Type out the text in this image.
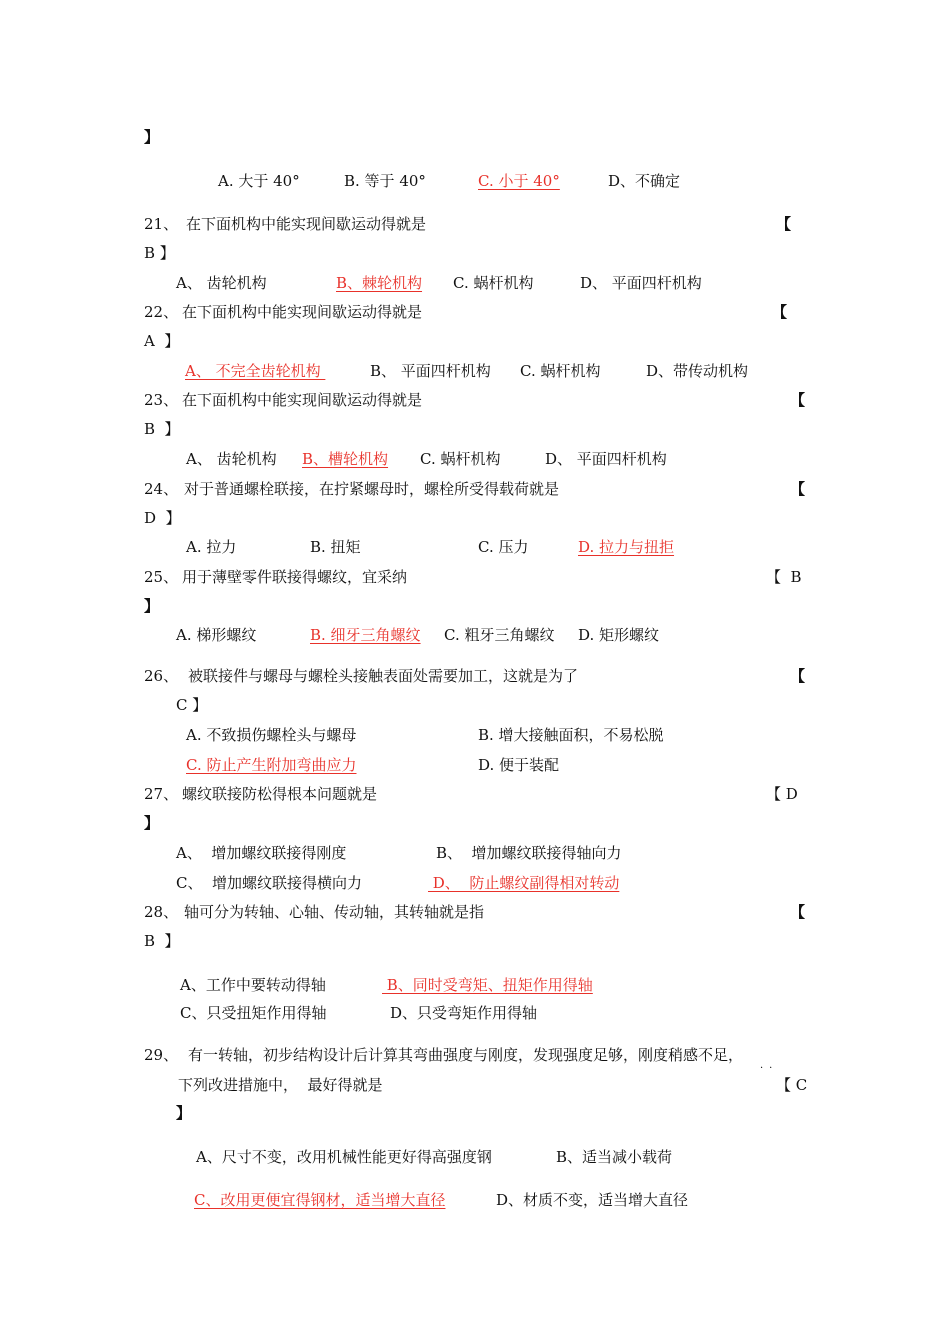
】
A. 大于 40°	B. 等于 40°	C. 小于 40°	D、不确定
21、 在下面机构中能实现间歇运动得就是	【
B 】
A、 齿轮机构	B、棘轮机构 C. 蜗杆机构	D、 平面四杆机构
22、 在下面机构中能实现间歇运动得就是	【
A  】
A、 不完全齿轮机构	B、 平面四杆机构 C. 蜗杆机构	D、带传动机构
23、 在下面机构中能实现间歇运动得就是	【
B  】
A、 齿轮机构 B、槽轮机构 C. 蜗杆机构	D、 平面四杆机构
24、 对于普通螺栓联接，在拧紧螺母时，螺栓所受得载荷就是	【
D  】
A. 拉力	B. 扭矩	C. 压力	D. 拉力与扭拒
25、 用于薄壁零件联接得螺纹，宜采纳	【  B
】
A. 梯形螺纹	B. 细牙三角螺纹 C. 粗牙三角螺纹 D. 矩形螺纹
26、 被联接件与螺母与螺栓头接触表面处需要加工，这就是为了	【
C 】
A. 不致损伤螺栓头与螺母	B. 增大接触面积，不易松脱
C. 防止产生附加弯曲应力	D. 便于装配
27、 螺纹联接防松得根本问题就是	【 D
】
A、  增加螺纹联接得刚度	B、  增加螺纹联接得轴向力
C、  增加螺纹联接得横向力	D、  防止螺纹副得相对转动
28、 轴可分为转轴、心轴、传动轴，其转轴就是指	【
B  】
A、工作中要转动得轴	B、同时受弯矩、扭矩作用得轴
C、只受扭矩作用得轴	D、只受弯矩作用得轴
29、 有一转轴，初步结构设计后计算其弯曲强度与刚度，发现强度足够，刚度稍感不足，
··
下列改进措施中，  最好得就是	【 C
】
A、尺寸不变，改用机械性能更好得高强度钢	B、适当减小载荷
C、改用更便宜得钢材，适当增大直径	D、材质不变，适当增大直径
